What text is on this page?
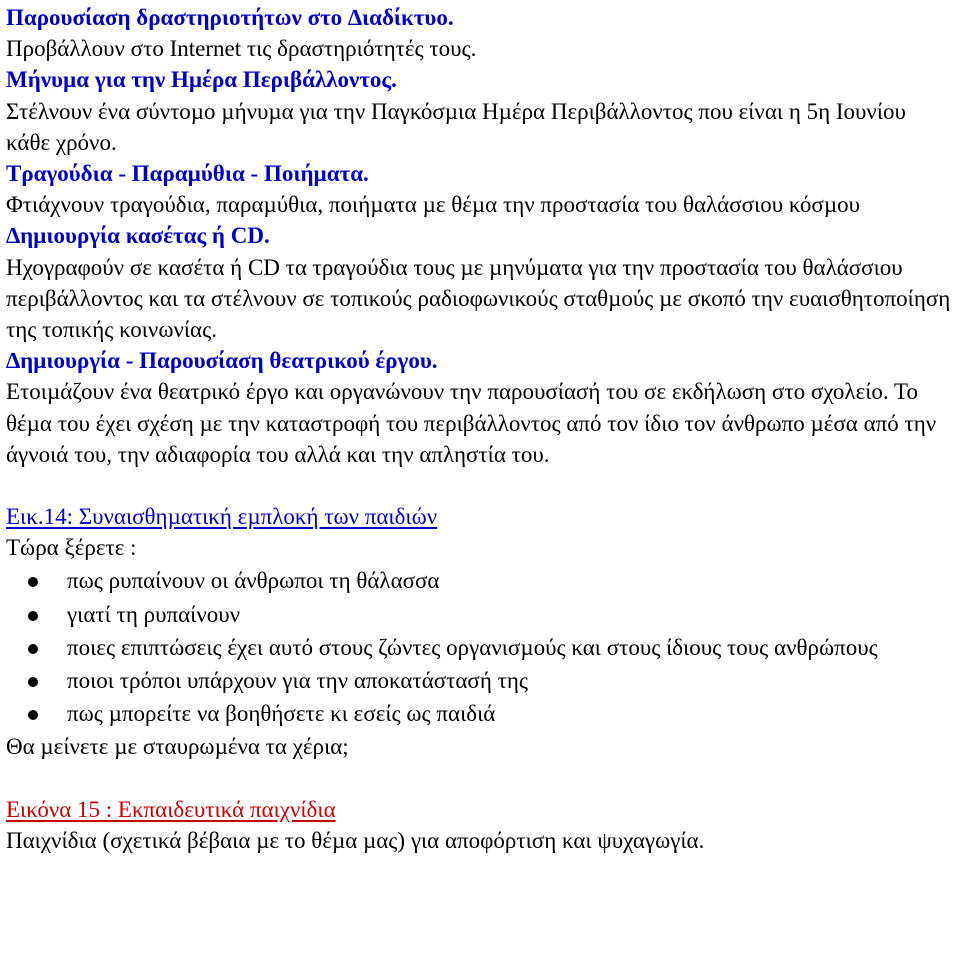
Παρουσίαση δραστηριοτήτων στο ∆ιαδίκτυο.

Προβάλλουν στο Internet τις δραστηριότητές τους.

Μήνυµα για την Ηµέρα Περιβάλλοντος.

Στέλνουν ένα σύντοµο µήνυµα για την Παγκόσµια Ηµέρα Περιβάλλοντος που είναι η 5η Ιουνίου κάθε χρόνο.

Τραγούδια - Παραµύθια - Ποιήµατα.

Φτιάχνουν τραγούδια, παραµύθια, ποιήµατα µε θέµα την προστασία του θαλάσσιου κόσµου

∆ηµιουργία κασέτας ή CD.

Ηχογραφούν σε κασέτα ή CD τα τραγούδια τους µε µηνύµατα για την προστασία του θαλάσσιου περιβάλλοντος και τα στέλνουν σε τοπικούς ραδιοφωνικούς σταθµούς µε σκοπό την ευαισθητοποίηση της τοπικής κοινωνίας.

∆ηµιουργία - Παρουσίαση θεατρικού έργου.

Ετοιµάζουν ένα θεατρικό έργο και οργανώνουν την παρουσίασή του σε εκδήλωση στο σχολείο. Το θέµα του έχει σχέση µε την καταστροφή του περιβάλλοντος από τον ίδιο τον άνθρωπο µέσα από την άγνοιά του, την αδιαφορία του αλλά και την απληστία του.

Εικ.14: Συναισθηµατική εµπλοκή των παιδιών

Τώρα ξέρετε :

πως ρυπαίνουν οι άνθρωποι τη θάλασσα
γιατί τη ρυπαίνουν
ποιες επιπτώσεις έχει αυτό στους ζώντες οργανισµούς και στους ίδιους τους ανθρώπους
ποιοι τρόποι υπάρχουν για την αποκατάστασή της
πως µπορείτε να βοηθήσετε κι εσείς ως παιδιά

Θα µείνετε µε σταυρωµένα τα χέρια;

Εικόνα 15 : Εκπαιδευτικά παιχνίδια

Παιχνίδια (σχετικά βέβαια µε το θέµα µας) για αποφόρτιση και ψυχαγωγία.
